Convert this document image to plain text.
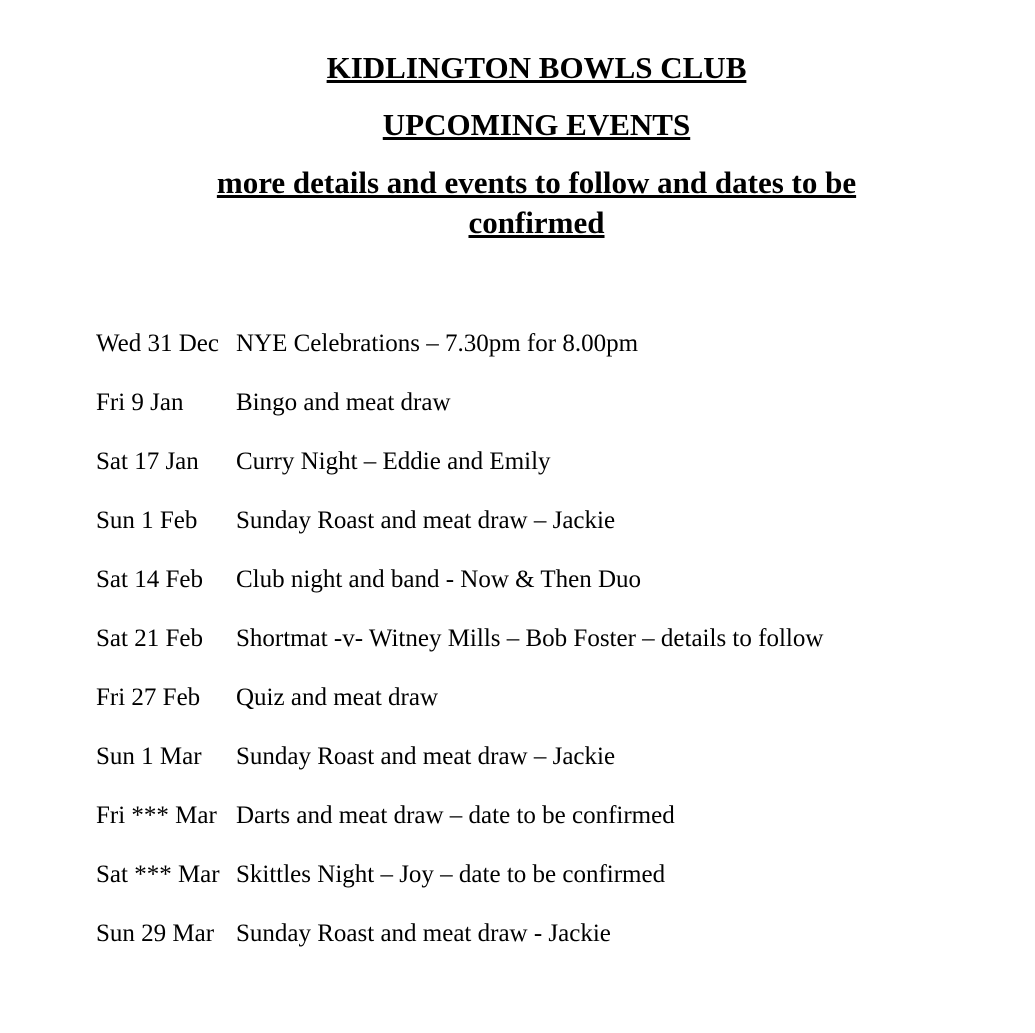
KIDLINGTON BOWLS CLUB
UPCOMING EVENTS
more details and events to follow and dates to be confirmed
Wed 31 Dec NYE Celebrations – 7.30pm for 8.00pm
Fri 9 Jan	Bingo and meat draw
Sat 17 Jan	Curry Night – Eddie and Emily
Sun 1 Feb	Sunday Roast and meat draw – Jackie
Sat 14 Feb	Club night and band - Now & Then Duo
Sat 21 Feb	Shortmat -v- Witney Mills – Bob Foster – details to follow
Fri 27 Feb	Quiz and meat draw
Sun 1 Mar	Sunday Roast and meat draw – Jackie
Fri *** Mar Darts and meat draw – date to be confirmed
Sat *** Mar Skittles Night – Joy – date to be confirmed
Sun 29 Mar Sunday Roast and meat draw - Jackie
